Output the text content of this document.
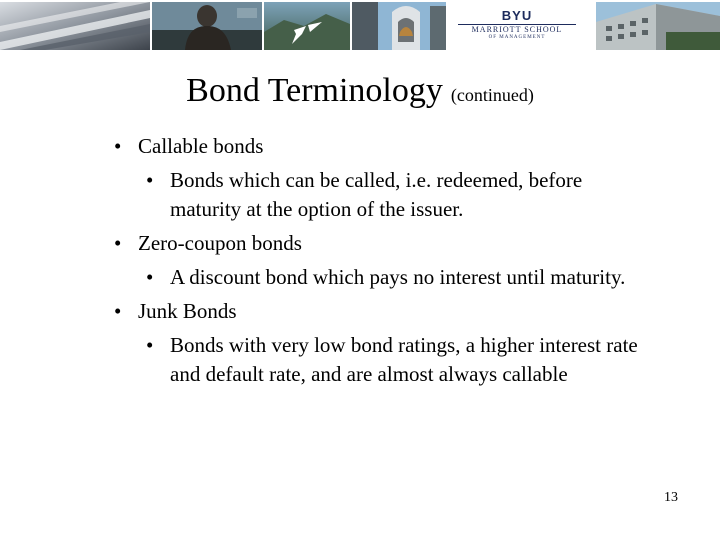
BYU
MARRIOTT SCHOOL
OF MANAGEMENT
Bond Terminology (continued)
• Callable bonds
• Bonds which can be called, i.e. redeemed, before maturity at the option of the issuer.
• Zero-coupon bonds
• A discount bond which pays no interest until maturity.
• Junk Bonds
• Bonds with very low bond ratings, a higher interest rate and default rate, and are almost always callable
13
